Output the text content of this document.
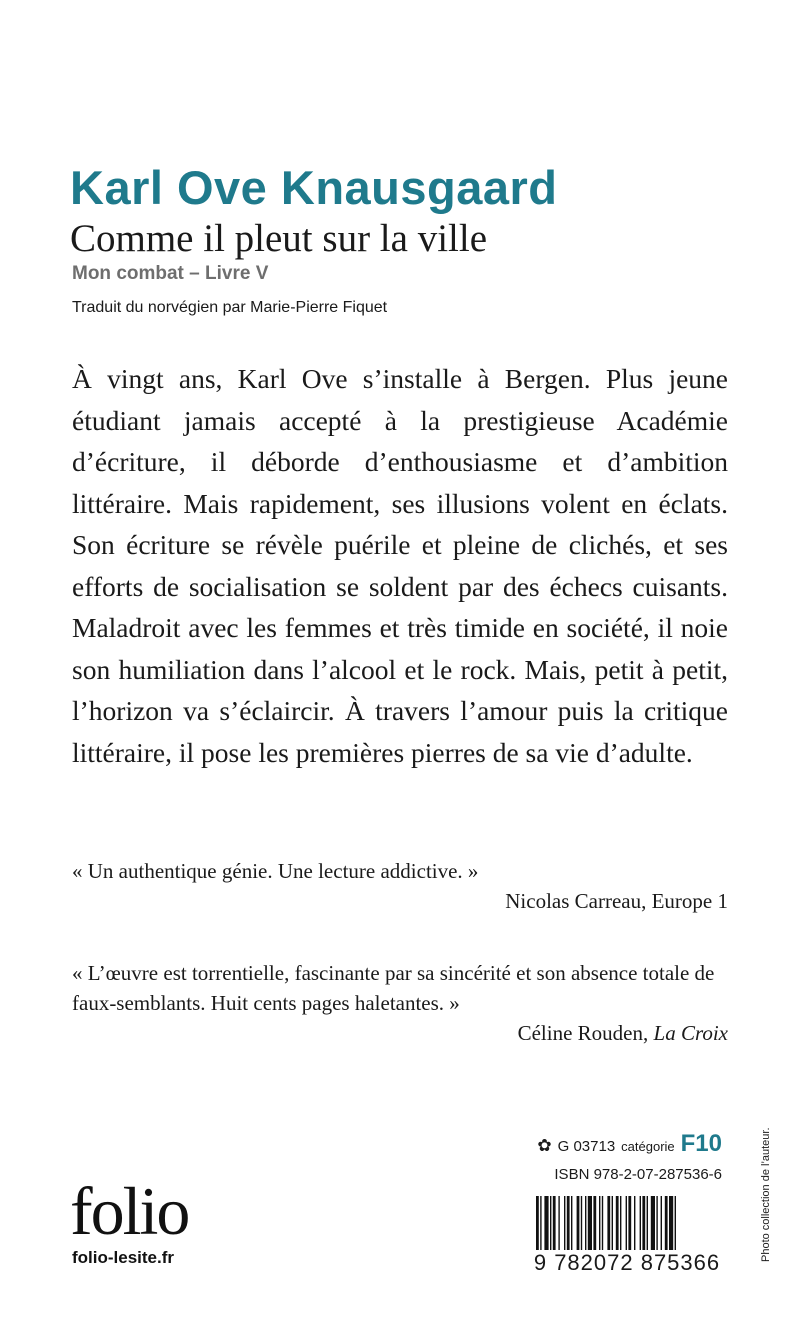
Karl Ove Knausgaard
Comme il pleut sur la ville
Mon combat – Livre V
Traduit du norvégien par Marie-Pierre Fiquet

À vingt ans, Karl Ove s’installe à Bergen. Plus jeune étudiant jamais accepté à la prestigieuse Académie d’écriture, il déborde d’enthousiasme et d’ambition littéraire. Mais rapidement, ses illusions volent en éclats. Son écriture se révèle puérile et pleine de clichés, et ses efforts de socialisation se soldent par des échecs cuisants. Maladroit avec les femmes et très timide en société, il noie son humiliation dans l’alcool et le rock. Mais, petit à petit, l’horizon va s’éclaircir. À travers l’amour puis la critique littéraire, il pose les premières pierres de sa vie d’adulte.

« Un authentique génie. Une lecture addictive. »
Nicolas Carreau, Europe 1
« L’œuvre est torrentielle, fascinante par sa sincérité et son absence totale de faux-semblants. Huit cents pages haletantes. »
Céline Rouden, La Croix
folio
folio-lesite.fr
✿ G 03713 catégorie F10
ISBN 978-2-07-287536-6
9 782072 875366
Photo collection de l’auteur.
